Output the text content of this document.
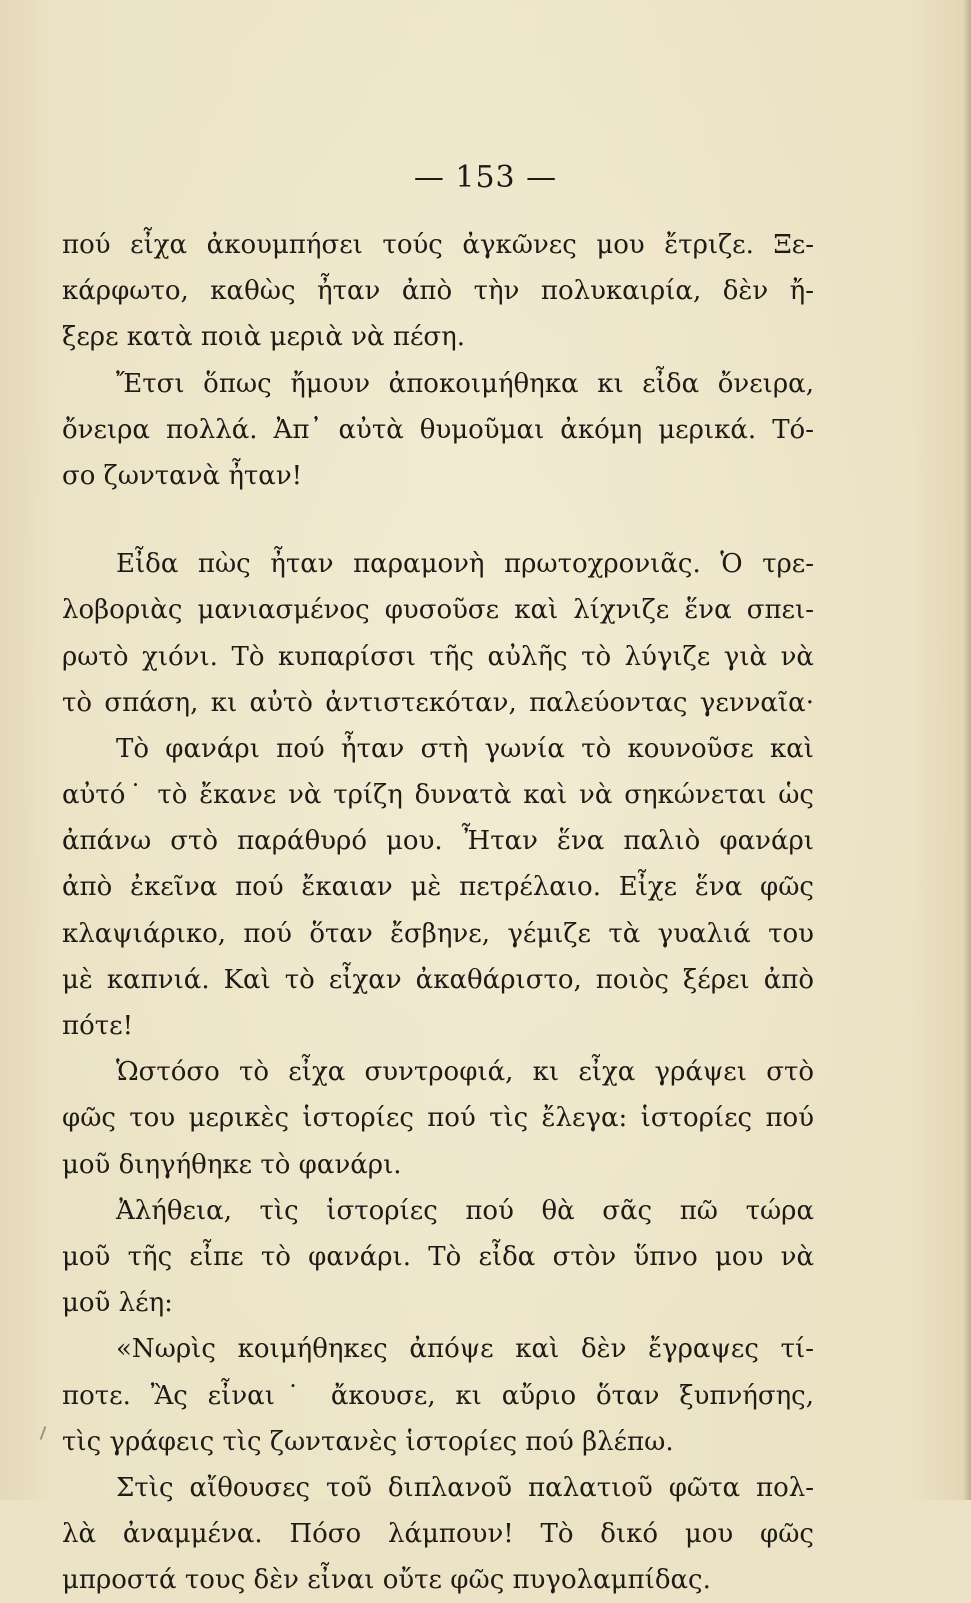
— 153 —
πού εἶχα ἀκουμπήσει τούς ἀγκῶνες μου ἔτριζε. Ξε-
κάρφωτο, καθὼς ἦταν ἀπὸ τὴν πολυκαιρία, δὲν ἤ-
ξερε κατὰ ποιὰ μεριὰ νὰ πέση.
Ἔτσι ὅπως ἤμουν ἀποκοιμήθηκα κι εἶδα ὄνειρα,
ὄνειρα πολλά. Ἀπ᾿ αὐτὰ θυμοῦμαι ἀκόμη μερικά. Τό-
σο ζωντανὰ ἦταν!
Εἶδα πὼς ἦταν παραμονὴ πρωτοχρονιᾶς. Ὁ τρε-
λοβοριὰς μανιασμένος φυσοῦσε καὶ λίχνιζε ἕνα σπει-
ρωτὸ χιόνι. Τὸ κυπαρίσσι τῆς αὐλῆς τὸ λύγιζε γιὰ νὰ
τὸ σπάση, κι αὐτὸ ἀντιστεκόταν, παλεύοντας γενναῖα·
Τὸ φανάρι πού ἦταν στὴ γωνία τὸ κουνοῦσε καὶ
αὐτό˙ τὸ ἔκανε νὰ τρίζη δυνατὰ καὶ νὰ σηκώνεται ὡς
ἀπάνω στὸ παράθυρό μου. Ἦταν ἕνα παλιὸ φανάρι
ἀπὸ ἐκεῖνα πού ἔκαιαν μὲ πετρέλαιο. Εἶχε ἕνα φῶς
κλαψιάρικο, πού ὅταν ἔσβηνε, γέμιζε τὰ γυαλιά του
μὲ καπνιά. Καὶ τὸ εἶχαν ἀκαθάριστο, ποιὸς ξέρει ἀπὸ
πότε!
Ὡστόσο τὸ εἶχα συντροφιά, κι εἶχα γράψει στὸ
φῶς του μερικὲς ἱστορίες πού τὶς ἔλεγα: ἱστορίες πού
μοῦ διηγήθηκε τὸ φανάρι.
Ἀλήθεια, τὶς ἱστορίες πού θὰ σᾶς πῶ τώρα
μοῦ τῆς εἶπε τὸ φανάρι. Τὸ εἶδα στὸν ὕπνο μου νὰ
μοῦ λέη:
«Νωρὶς κοιμήθηκες ἀπόψε καὶ δὲν ἔγραψες τί-
ποτε. Ἂς εἶναι˙ ἄκουσε, κι αὔριο ὅταν ξυπνήσης,
τὶς γράφεις τὶς ζωντανὲς ἱστορίες πού βλέπω.
Στὶς αἴθουσες τοῦ διπλανοῦ παλατιοῦ φῶτα πολ-
λὰ ἀναμμένα. Πόσο λάμπουν! Τὸ δικό μου φῶς
μπροστά τους δὲν εἶναι οὔτε φῶς πυγολαμπίδας.
